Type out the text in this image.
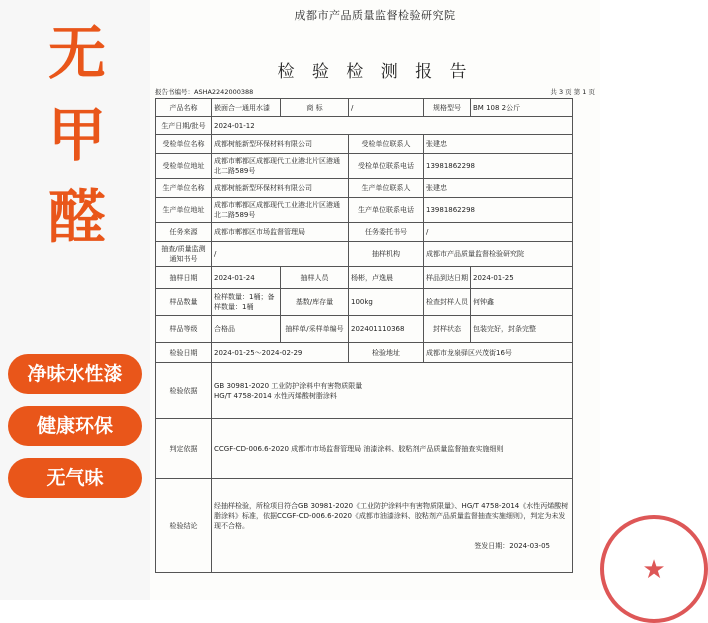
无
甲
醛
净味水性漆
健康环保
无气味
成都市产品质量监督检验研究院
检 验 检 测 报 告
报告书编号：ASHA2242000388	共 3 页 第 1 页
产品名称	嵌面合一通用水漆	商 标	/	规格型号	BM 108 2公斤
生产日期/批号	2024-01-12				
受检单位名称	成都树能新型环保材料有限公司		受检单位联系人	张建忠	
受检单位地址	成都市郫都区成都现代工业港北片区港通北二路589号		受检单位联系电话	13981862298	
生产单位名称	成都树能新型环保材料有限公司		生产单位联系人	张建忠	
生产单位地址	成都市郫都区成都现代工业港北片区港通北二路589号		生产单位联系电话	13981862298	
任务来源	成都市郫都区市场监督管理局		任务委托书号	/	
抽查/质量监测通知书号	/		抽样机构	成都市产品质量监督检验研究院	
抽样日期	2024-01-24	抽样人员	杨彬，卢逸晨	样品到达日期	2024-01-25
样品数量	检样数量：1桶；备样数量：1桶	基数/库存量	100kg	检查封样人员	何钟鑫
样品等级	合格品	抽样单/采样单编号	202401110368	封样状态	包装完好，封条完整
检验日期	2024-01-25～2024-02-29		检验地址	成都市龙泉驿区兴茂街16号	
检验依据	GB 30981-2020 工业防护涂料中有害物质限量
HG/T 4758-2014 水性丙烯酸树脂涂料				

判定依据	CCGF-CD-006.6-2020 成都市市场监督管理局 油漆涂料、胶粘剂产品质量监督抽查实施细则				
检验结论	经抽样检验，所检项目符合GB 30981-2020《工业防护涂料中有害物质限量》、HG/T 4758-2014《水性丙烯酸树脂涂料》标准，依据CCGF-CD-006.6-2020《成都市油漆涂料、胶粘剂产品质量监督抽查实施细则》，判定为未发现不合格。
签发日期：2024-03-05				
★
